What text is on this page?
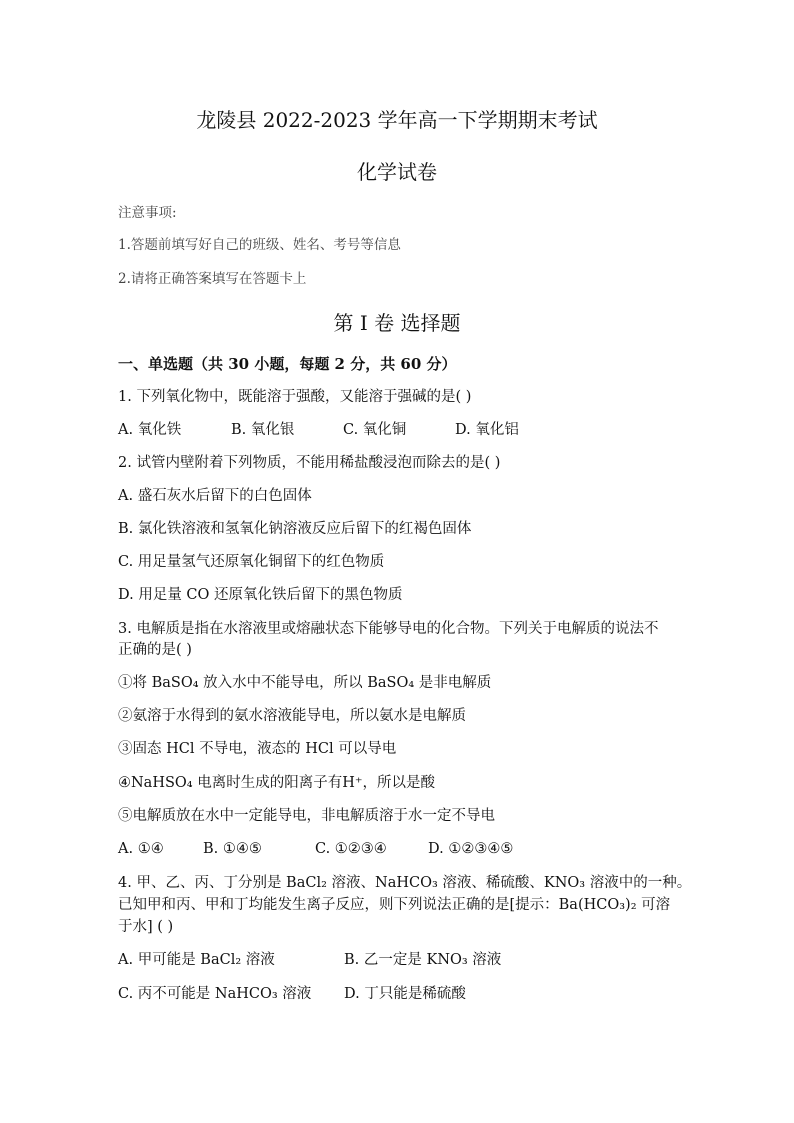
龙陵县 2022-2023 学年高一下学期期末考试
化学试卷
注意事项:
1.答题前填写好自己的班级、姓名、考号等信息
2.请将正确答案填写在答题卡上
第 I 卷 选择题
一、单选题（共 30 小题，每题 2 分，共 60 分）
1. 下列氧化物中，既能溶于强酸，又能溶于强碱的是( )
A. 氧化铁	B. 氧化银	C. 氧化铜	D. 氧化铝
2. 试管内壁附着下列物质，不能用稀盐酸浸泡而除去的是( )
A. 盛石灰水后留下的白色固体
B. 氯化铁溶液和氢氧化钠溶液反应后留下的红褐色固体
C. 用足量氢气还原氧化铜留下的红色物质
D. 用足量 CO 还原氧化铁后留下的黑色物质
3. 电解质是指在水溶液里或熔融状态下能够导电的化合物。下列关于电解质的说法不
正确的是( )
①将 BaSO₄ 放入水中不能导电，所以 BaSO₄ 是非电解质
②氨溶于水得到的氨水溶液能导电，所以氨水是电解质
③固态 HCl 不导电，液态的 HCl 可以导电
④NaHSO₄ 电离时生成的阳离子有H⁺，所以是酸
⑤电解质放在水中一定能导电，非电解质溶于水一定不导电
A. ①④	B. ①④⑤	C. ①②③④	D. ①②③④⑤
4. 甲、乙、丙、丁分别是 BaCl₂ 溶液、NaHCO₃ 溶液、稀硫酸、KNO₃ 溶液中的一种。
已知甲和丙、甲和丁均能发生离子反应，则下列说法正确的是[提示：Ba(HCO₃)₂ 可溶
于水] ( )
A. 甲可能是 BaCl₂ 溶液	B. 乙一定是 KNO₃ 溶液
C. 丙不可能是 NaHCO₃ 溶液 D. 丁只能是稀硫酸
